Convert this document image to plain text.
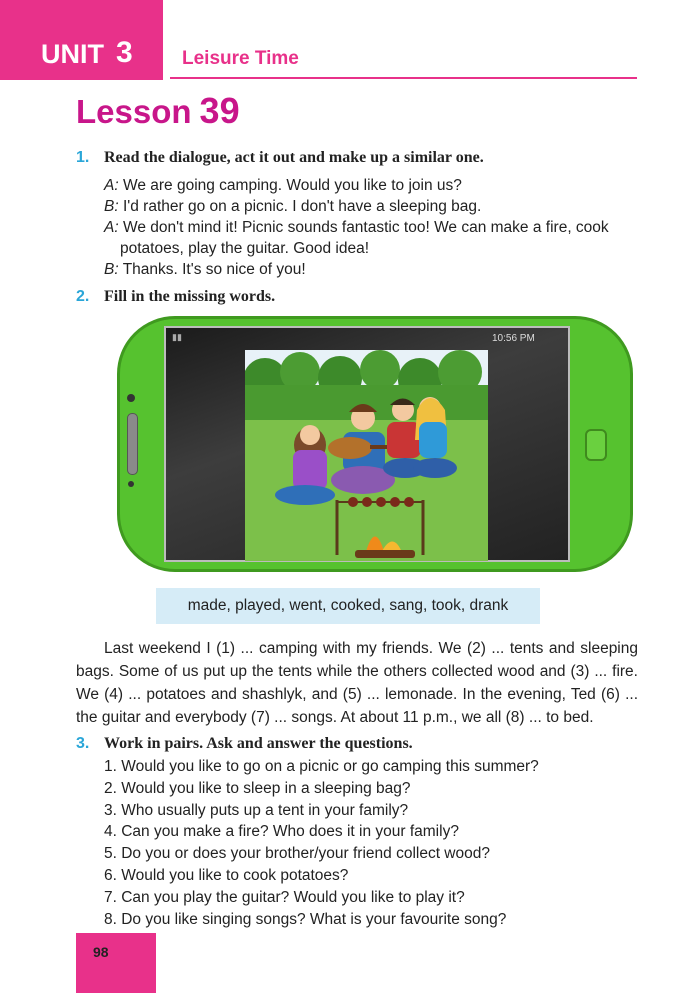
UNIT 3	Leisure Time
Lesson 39
1. Read the dialogue, act it out and make up a similar one.
A: We are going camping. Would you like to join us?
B: I'd rather go on a picnic. I don't have a sleeping bag.
A: We don't mind it! Picnic sounds fantastic too! We can make a fire, cook
potatoes, play the guitar. Good idea!
B: Thanks. It's so nice of you!
2. Fill in the missing words.
▮▮	10:56 PM
made, played, went, cooked, sang, took, drank
Last weekend I (1) ... camping with my friends. We (2) ... tents and sleeping bags. Some of us put up the tents while the others collected wood and (3) ... fire. We (4) ... potatoes and shashlyk, and (5) ... lemonade. In the evening, Ted (6) ... the guitar and everybody (7) ... songs. At about 11 p.m., we all (8) ... to bed.
3. Work in pairs. Ask and answer the questions.
1. Would you like to go on a picnic or go camping this summer?
2. Would you like to sleep in a sleeping bag?
3. Who usually puts up a tent in your family?
4. Can you make a fire? Who does it in your family?
5. Do you or does your brother/your friend collect wood?
6. Would you like to cook potatoes?
7. Can you play the guitar? Would you like to play it?
8. Do you like singing songs? What is your favourite song?
98
